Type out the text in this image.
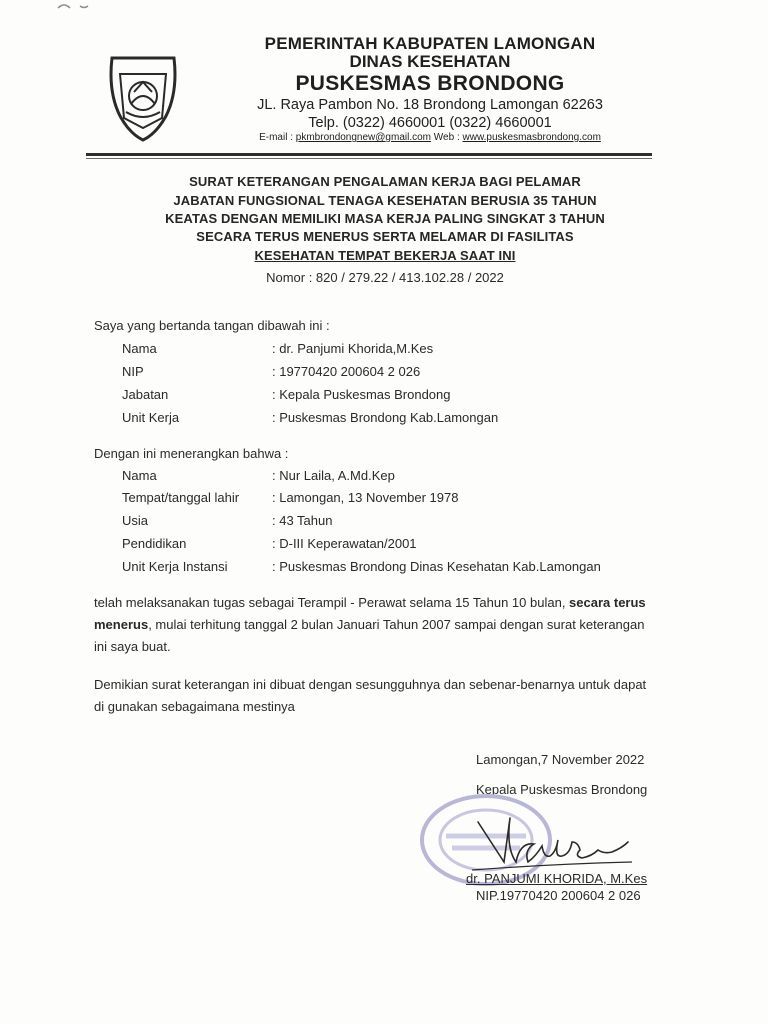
PEMERINTAH KABUPATEN LAMONGAN
DINAS KESEHATAN
PUSKESMAS BRONDONG
JL. Raya Pambon No. 18 Brondong Lamongan 62263
Telp. (0322) 4660001 (0322) 4660001
E-mail : pkmbrondongnew@gmail.com Web : www.puskesmasbrondong.com
SURAT KETERANGAN PENGALAMAN KERJA BAGI PELAMAR
JABATAN FUNGSIONAL TENAGA KESEHATAN BERUSIA 35 TAHUN
KEATAS DENGAN MEMILIKI MASA KERJA PALING SINGKAT 3 TAHUN
SECARA TERUS MENERUS SERTA MELAMAR DI FASILITAS
KESEHATAN TEMPAT BEKERJA SAAT INI
Nomor : 820 / 279.22 / 413.102.28 / 2022
Saya yang bertanda tangan dibawah ini :
Nama	: dr. Panjumi Khorida,M.Kes
NIP	: 19770420 200604 2 026
Jabatan	: Kepala Puskesmas Brondong
Unit Kerja	: Puskesmas Brondong Kab.Lamongan
Dengan ini menerangkan bahwa :
Nama	: Nur Laila, A.Md.Kep
Tempat/tanggal lahir	: Lamongan, 13 November 1978
Usia	: 43 Tahun
Pendidikan	: D-III Keperawatan/2001
Unit Kerja Instansi	: Puskesmas Brondong Dinas Kesehatan Kab.Lamongan
telah melaksanakan tugas sebagai Terampil - Perawat selama 15 Tahun 10 bulan, secara terus menerus, mulai terhitung tanggal 2 bulan Januari Tahun 2007 sampai dengan surat keterangan ini saya buat.
Demikian surat keterangan ini dibuat dengan sesungguhnya dan sebenar-benarnya untuk dapat di gunakan sebagaimana mestinya
Lamongan,7 November 2022
Kepala Puskesmas Brondong
dr. PANJUMI KHORIDA, M.Kes
NIP.19770420 200604 2 026
